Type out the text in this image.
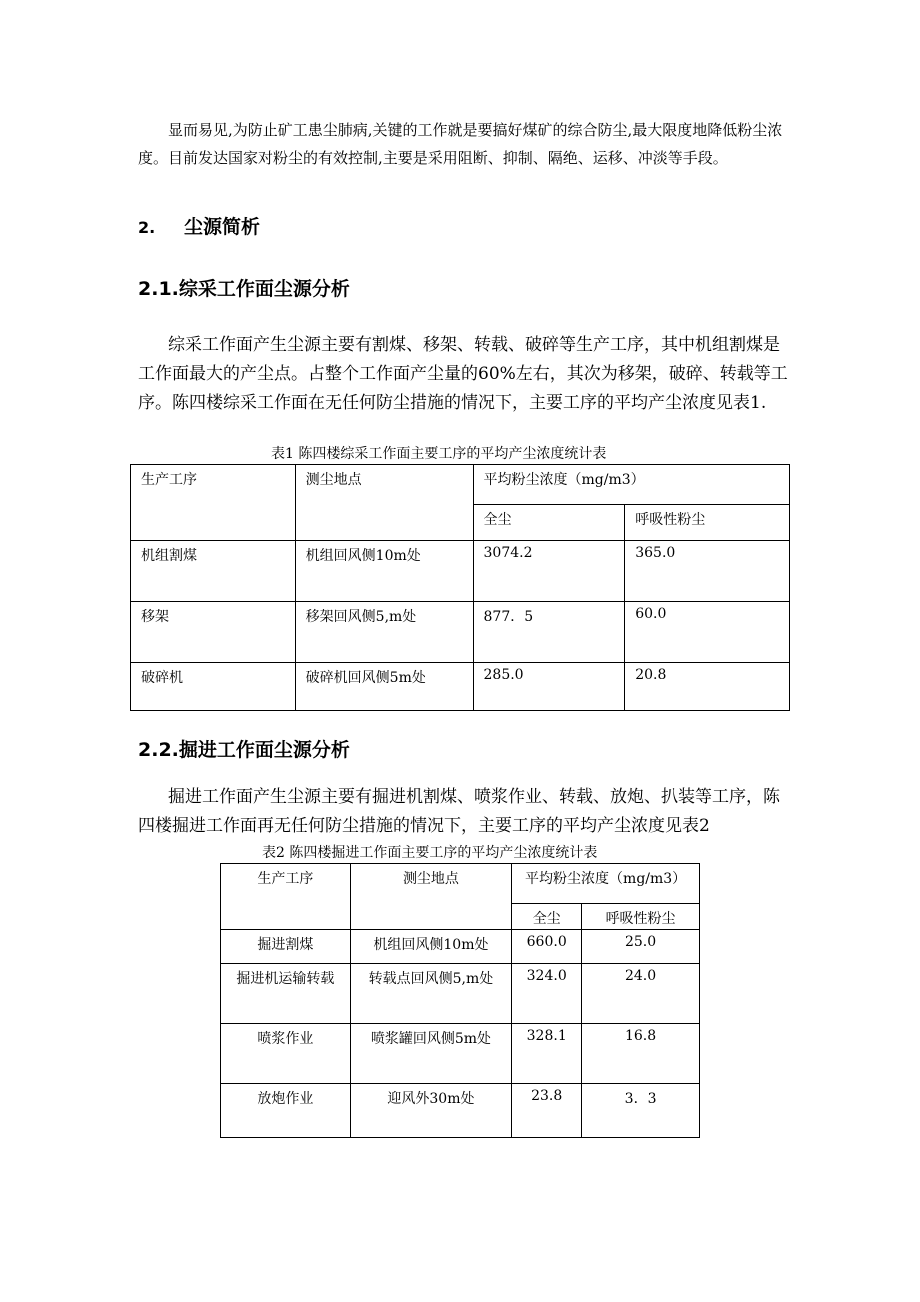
显而易见,为防止矿工患尘肺病,关键的工作就是要搞好煤矿的综合防尘,最大限度地降低粉尘浓度。目前发达国家对粉尘的有效控制,主要是采用阻断、抑制、隔绝、运移、冲淡等手段。

2.	尘源简析
2.1.综采工作面尘源分析

综采工作面产生尘源主要有割煤、移架、转载、破碎等生产工序，其中机组割煤是工作面最大的产尘点。占整个工作面产尘量的60%左右，其次为移架，破碎、转载等工序。陈四楼综采工作面在无任何防尘措施的情况下，主要工序的平均产尘浓度见表1.

表1 陈四楼综采工作面主要工序的平均产尘浓度统计表

生产工序	测尘地点	平均粉尘浓度（mg/m3）	

		全尘	呼吸性粉尘

机组割煤	机组回风侧10m处	3074.2	365.0

移架	移架回风侧5,m处	877．5	60.0

破碎机	破碎机回风侧5m处	285.0	20.8
2.2.掘进工作面尘源分析

掘进工作面产生尘源主要有掘进机割煤、喷浆作业、转载、放炮、扒装等工序，陈四楼掘进工作面再无任何防尘措施的情况下，主要工序的平均产尘浓度见表2

表2 陈四楼掘进工作面主要工序的平均产尘浓度统计表

生产工序	测尘地点	平均粉尘浓度（mg/m3）	

		全尘	呼吸性粉尘

掘进割煤	机组回风侧10m处	660.0	25.0

掘进机运输转载	转载点回风侧5,m处	324.0	24.0

喷浆作业	喷浆罐回风侧5m处	328.1	16.8

放炮作业	迎风外30m处	23.8	3．3
